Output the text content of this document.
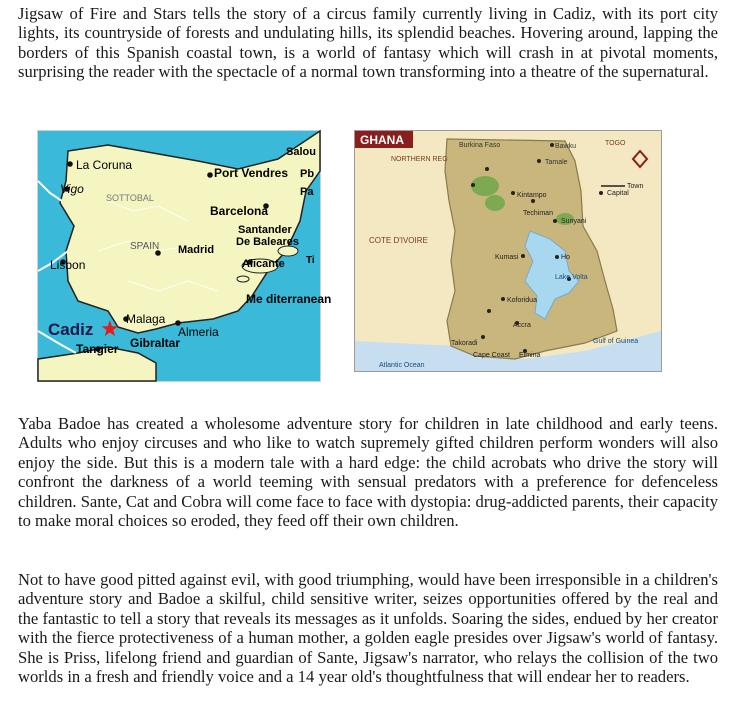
Jigsaw of Fire and Stars tells the story of a circus family currently living in Cadiz, with its port city lights, its countryside of forests and undulating hills, its splendid beaches. Hovering around, lapping the borders of this Spanish coastal town, is a world of fantasy which will crash in at pivotal moments, surprising the reader with the spectacle of a normal town transforming into a theatre of the supernatural.

La Coruna
Vigo
SOTTOBAL
Port Vendres
Salou
Pb
Pa
Barcelona
Santander
De Baleares
SPAIN Madrid
Alicante Ti
Lisbon
Me diterranean
Malaga
Almeria
Cadiz ★
Gibraltar
Tangier
GHANA	Burkina Faso	Bawku
Tamale
NORTHERN REG
TOGO
COTE D'IVOIRE
Town
Capital
Kintampo
Techiman
Sunyani
Kumasi
Lake Volta
Ho
Koforidua
Accra
Takoradi
Cape Coast Elmina
Atlantic Ocean
Gulf of Guinea

Yaba Badoe has created a wholesome adventure story for children in late childhood and early teens. Adults who enjoy circuses and who like to watch supremely gifted children perform wonders will also enjoy the side. But this is a modern tale with a hard edge: the child acrobats who drive the story will confront the darkness of a world teeming with sensual predators with a preference for defenceless children. Sante, Cat and Cobra will come face to face with dystopia: drug-addicted parents, their capacity to make moral choices so eroded, they feed off their own children.

Not to have good pitted against evil, with good triumphing, would have been irresponsible in a children's adventure story and Badoe a skilful, child sensitive writer, seizes opportunities offered by the real and the fantastic to tell a story that reveals its messages as it unfolds. Soaring the sides, endued by her creator with the fierce protectiveness of a human mother, a golden eagle presides over Jigsaw's world of fantasy. She is Priss, lifelong friend and guardian of Sante, Jigsaw's narrator, who relays the collision of the two worlds in a fresh and friendly voice and a 14 year old's thoughtfulness that will endear her to readers.
